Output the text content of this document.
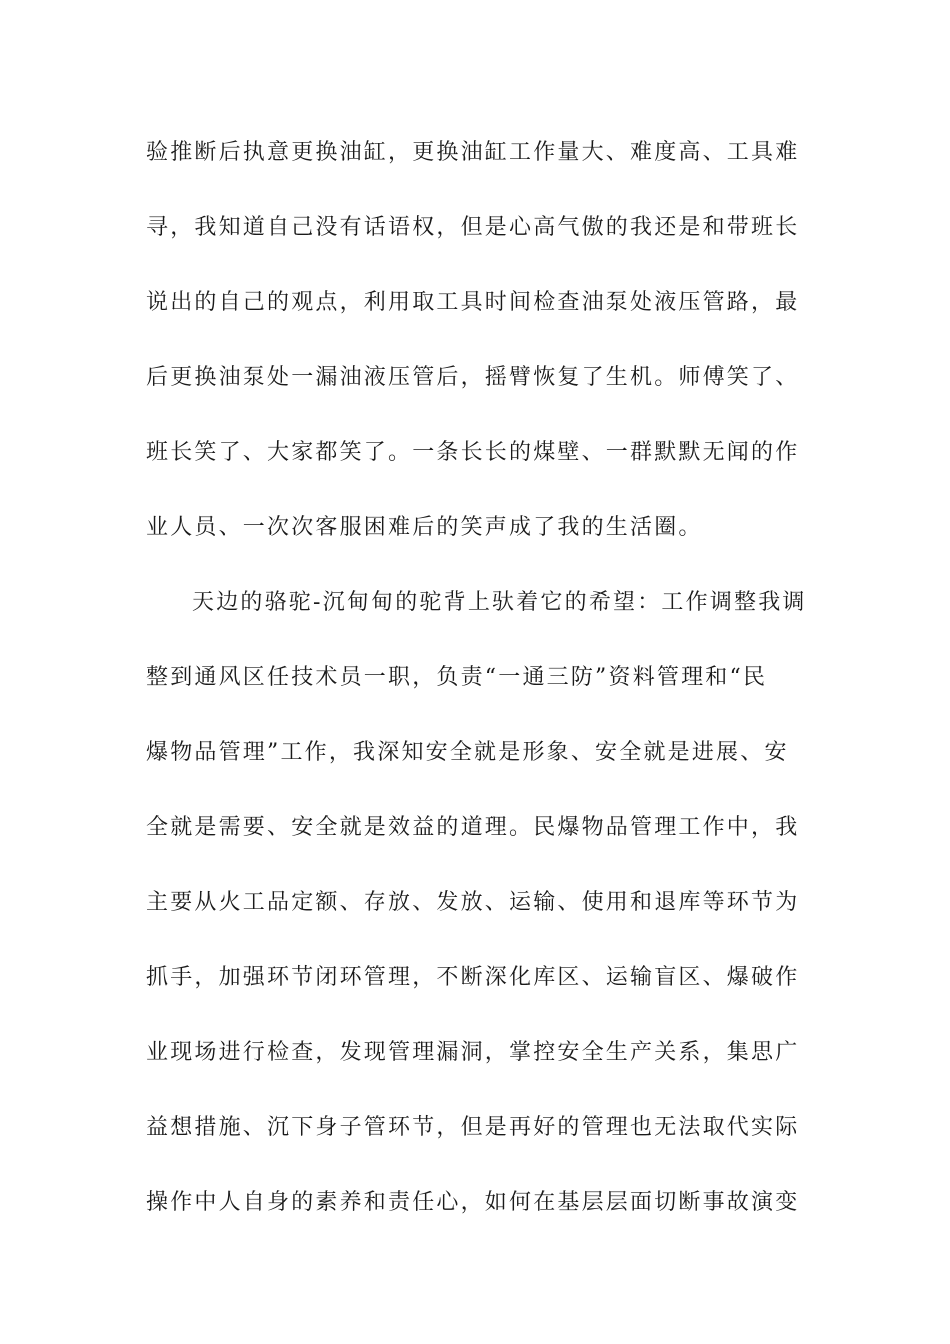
验推断后执意更换油缸，更换油缸工作量大、难度高、工具难
寻，我知道自己没有话语权，但是心高气傲的我还是和带班长
说出的自己的观点，利用取工具时间检查油泵处液压管路，最
后更换油泵处一漏油液压管后，摇臂恢复了生机。师傅笑了、
班长笑了、大家都笑了。一条长长的煤壁、一群默默无闻的作
业人员、一次次客服困难后的笑声成了我的生活圈。
天边的骆驼-沉甸甸的驼背上驮着它的希望：工作调整我调
整到通风区任技术员一职，负责“一通三防”资料管理和“民
爆物品管理”工作，我深知安全就是形象、安全就是进展、安
全就是需要、安全就是效益的道理。民爆物品管理工作中，我
主要从火工品定额、存放、发放、运输、使用和退库等环节为
抓手，加强环节闭环管理，不断深化库区、运输盲区、爆破作
业现场进行检查，发现管理漏洞，掌控安全生产关系，集思广
益想措施、沉下身子管环节，但是再好的管理也无法取代实际
操作中人自身的素养和责任心，如何在基层层面切断事故演变
